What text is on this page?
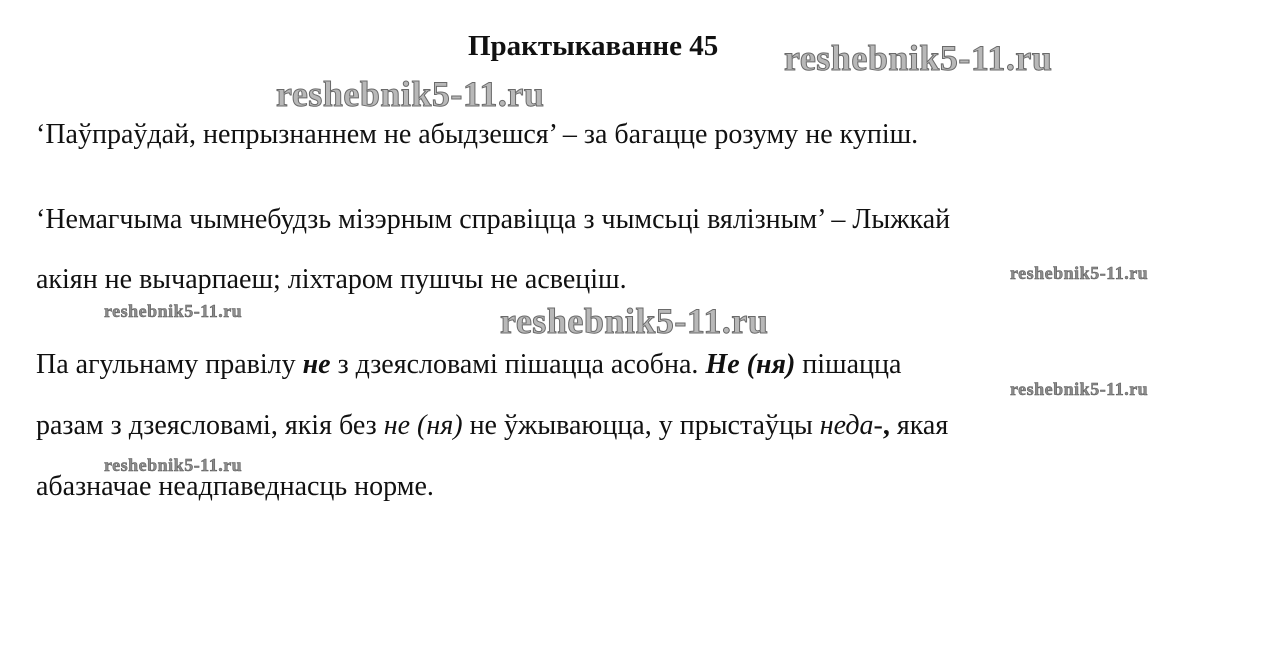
Практыкаванне 45
‘Паўпраўдай, непрызнаннем не абыдзешся’ – за багацце розуму не купіш.
‘Немагчыма чымнебудзь мізэрным справіцца з чымсьці вялізным’ – Лыжкай
акіян не вычарпаеш; ліхтаром пушчы не асвеціш.
Па агульнаму правілу не з дзеясловамі пішацца асобна. Не (ня) пішацца
разам з дзеясловамі, якія без не (ня) не ўжываюцца, у прыстаўцы неда-, якая
абазначае неадпаведнасць норме.
reshebnik5-11.ru
reshebnik5-11.ru
reshebnik5-11.ru
reshebnik5-11.ru	reshebnik5-11.ru
reshebnik5-11.ru
reshebnik5-11.ru
